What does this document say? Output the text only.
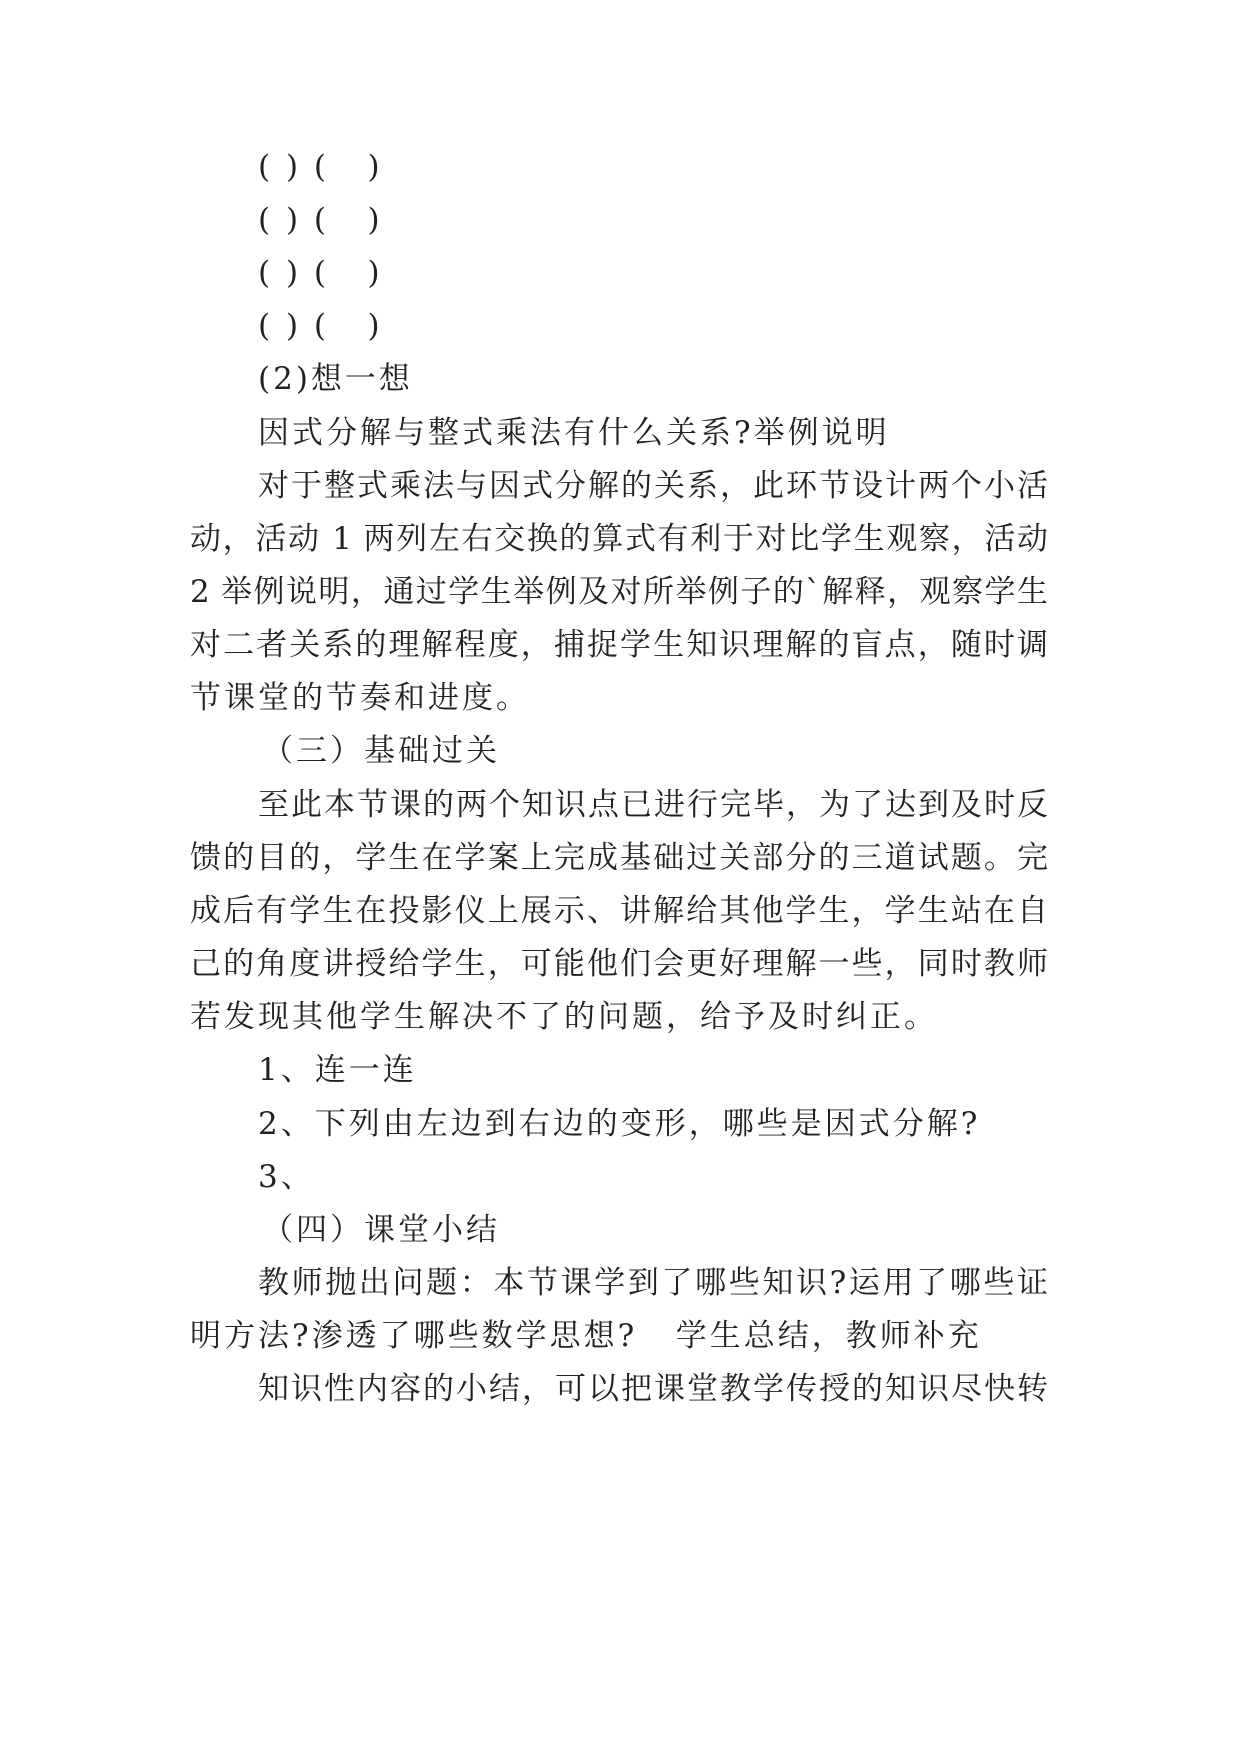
( ) (   )
( ) (   )
( ) (   )
( ) (   )
(2)想一想
因式分解与整式乘法有什么关系?举例说明
对于整式乘法与因式分解的关系，此环节设计两个小活
动，活动 1 两列左右交换的算式有利于对比学生观察，活动
2 举例说明，通过学生举例及对所举例子的`解释，观察学生
对二者关系的理解程度，捕捉学生知识理解的盲点，随时调
节课堂的节奏和进度。
（三）基础过关
至此本节课的两个知识点已进行完毕，为了达到及时反
馈的目的，学生在学案上完成基础过关部分的三道试题。完
成后有学生在投影仪上展示、讲解给其他学生，学生站在自
己的角度讲授给学生，可能他们会更好理解一些，同时教师
若发现其他学生解决不了的问题，给予及时纠正。
1、连一连
2、下列由左边到右边的变形，哪些是因式分解?
3、
（四）课堂小结
教师抛出问题：本节课学到了哪些知识?运用了哪些证
明方法?渗透了哪些数学思想?   学生总结，教师补充
知识性内容的小结，可以把课堂教学传授的知识尽快转
